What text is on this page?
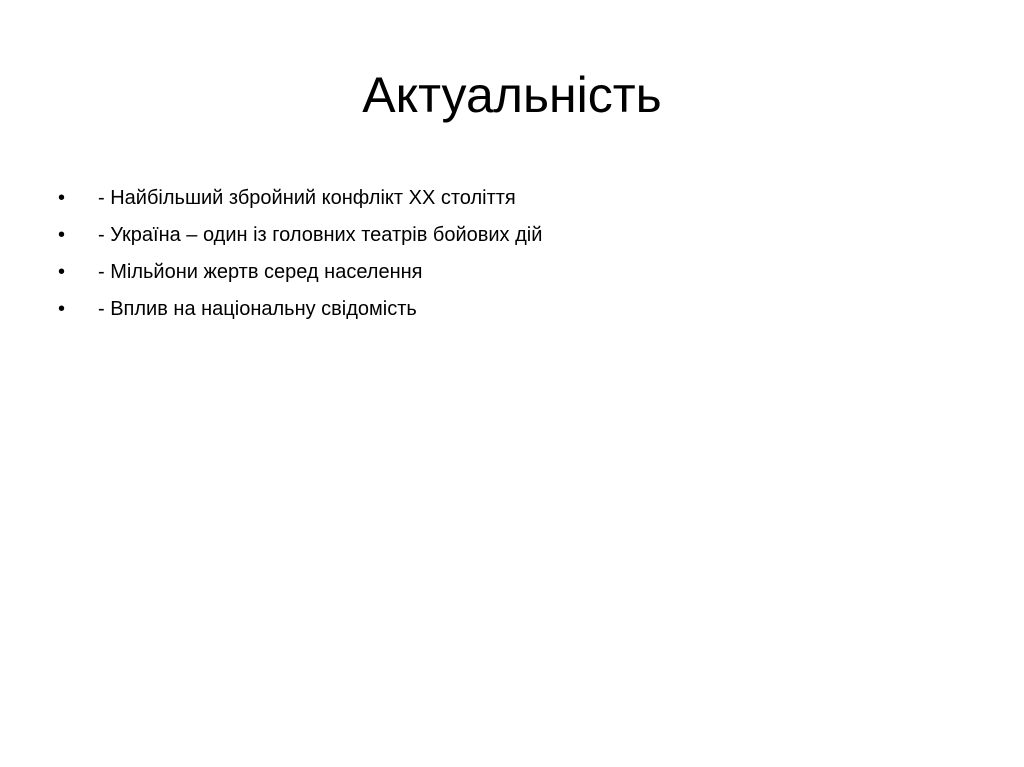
Актуальність
• - Найбільший збройний конфлікт XX століття
• - Україна – один із головних театрів бойових дій
• - Мільйони жертв серед населення
• - Вплив на національну свідомість
